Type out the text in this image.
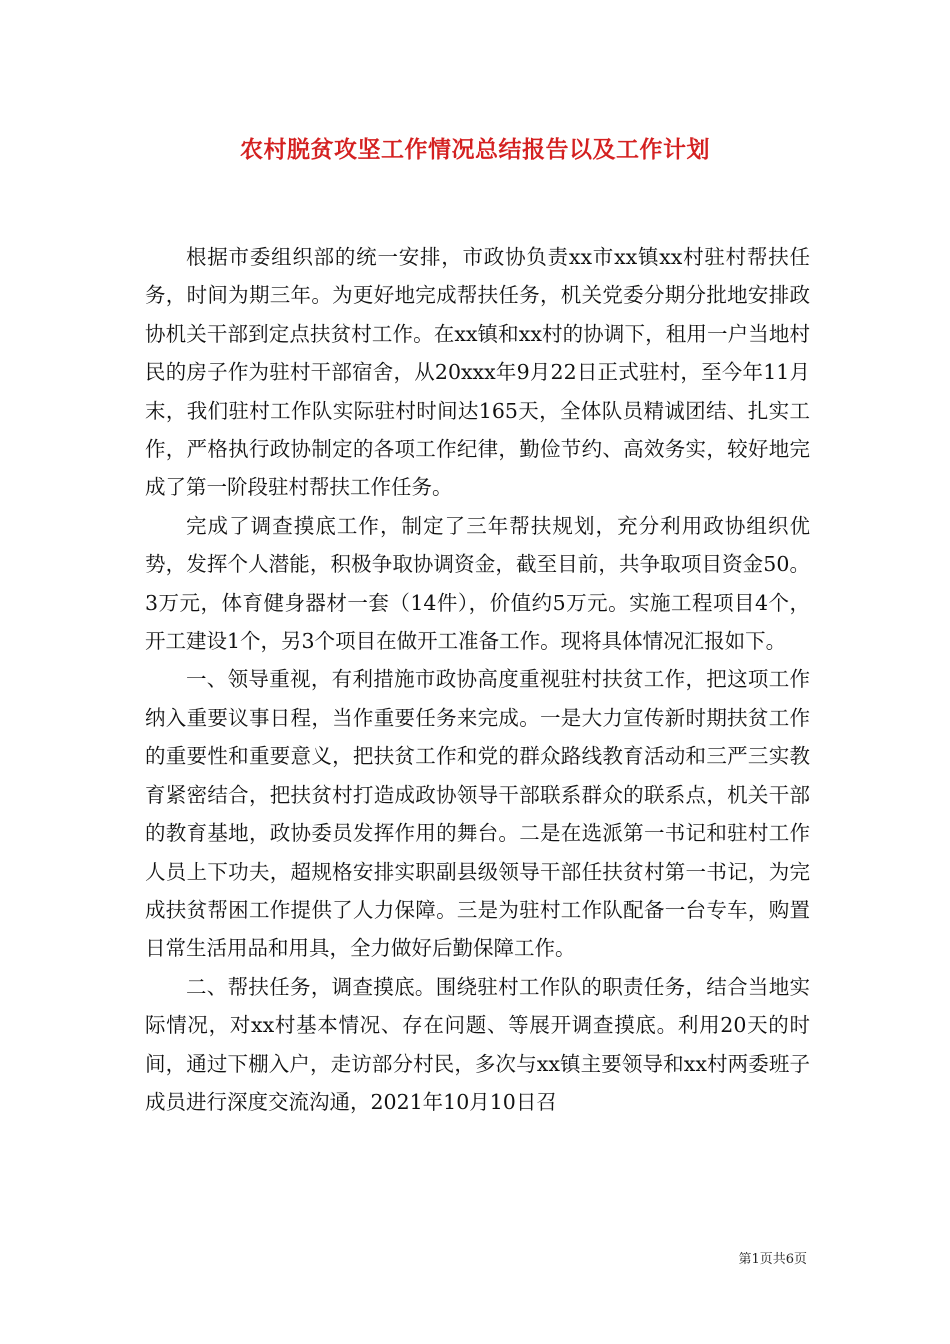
农村脱贫攻坚工作情况总结报告以及工作计划

根据市委组织部的统一安排，市政协负责xx市xx镇xx村驻村帮扶任务，时间为期三年。为更好地完成帮扶任务，机关党委分期分批地安排政协机关干部到定点扶贫村工作。在xx镇和xx村的协调下，租用一户当地村民的房子作为驻村干部宿舍，从20xxx年9月22日正式驻村，至今年11月末，我们驻村工作队实际驻村时间达165天，全体队员精诚团结、扎实工作，严格执行政协制定的各项工作纪律，勤俭节约、高效务实，较好地完成了第一阶段驻村帮扶工作任务。

完成了调查摸底工作，制定了三年帮扶规划，充分利用政协组织优势，发挥个人潜能，积极争取协调资金，截至目前，共争取项目资金50。3万元，体育健身器材一套（14件），价值约5万元。实施工程项目4个，开工建设1个，另3个项目在做开工准备工作。现将具体情况汇报如下。

一、领导重视，有利措施市政协高度重视驻村扶贫工作，把这项工作纳入重要议事日程，当作重要任务来完成。一是大力宣传新时期扶贫工作的重要性和重要意义，把扶贫工作和党的群众路线教育活动和三严三实教育紧密结合，把扶贫村打造成政协领导干部联系群众的联系点，机关干部的教育基地，政协委员发挥作用的舞台。二是在选派第一书记和驻村工作人员上下功夫，超规格安排实职副县级领导干部任扶贫村第一书记，为完成扶贫帮困工作提供了人力保障。三是为驻村工作队配备一台专车，购置日常生活用品和用具，全力做好后勤保障工作。

二、帮扶任务，调查摸底。围绕驻村工作队的职责任务，结合当地实际情况，对xx村基本情况、存在问题、等展开调查摸底。利用20天的时间，通过下棚入户，走访部分村民，多次与xx镇主要领导和xx村两委班子成员进行深度交流沟通，2021年10月10日召

第1页共6页
